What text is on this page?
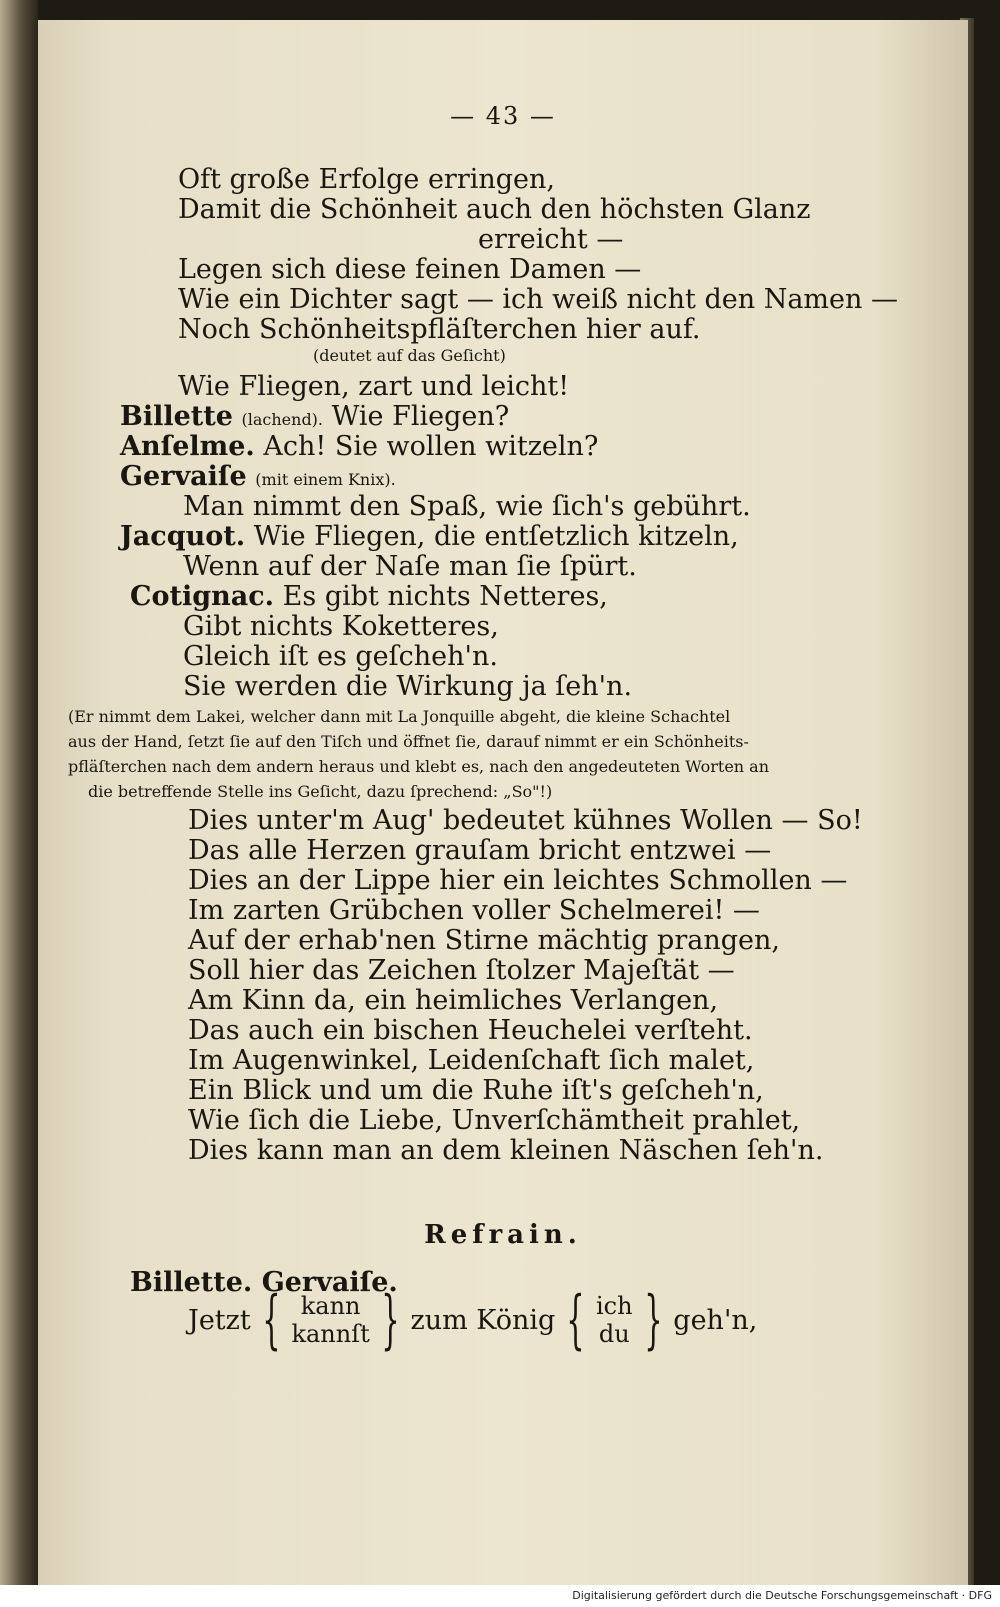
— 43 —
Oft große Erfolge erringen,
Damit die Schönheit auch den höchsten Glanz
erreicht —
Legen sich diese feinen Damen —
Wie ein Dichter sagt — ich weiß nicht den Namen —
Noch Schönheitspfläſterchen hier auf.
(deutet auf das Geſicht)
Wie Fliegen, zart und leicht!
Billette (lachend). Wie Fliegen?
Anſelme. Ach! Sie wollen witzeln?
Gervaiſe (mit einem Knix).
Man nimmt den Spaß, wie ſich's gebührt.
Jacquot. Wie Fliegen, die entſetzlich kitzeln,
Wenn auf der Naſe man ſie ſpürt.
Cotignac. Es gibt nichts Netteres,
Gibt nichts Koketteres,
Gleich iſt es geſcheh'n.
Sie werden die Wirkung ja ſeh'n.
(Er nimmt dem Lakei, welcher dann mit La Jonquille abgeht, die kleine Schachtel
aus der Hand, ſetzt ſie auf den Tiſch und öffnet ſie, darauf nimmt er ein Schönheits-
pfläſterchen nach dem andern heraus und klebt es, nach den angedeuteten Worten an
die betreffende Stelle ins Geſicht, dazu ſprechend: „So"!)
Dies unter'm Aug' bedeutet kühnes Wollen — So!
Das alle Herzen grauſam bricht entzwei —
Dies an der Lippe hier ein leichtes Schmollen —
Im zarten Grübchen voller Schelmerei! —
Auf der erhab'nen Stirne mächtig prangen,
Soll hier das Zeichen ſtolzer Majeſtät —
Am Kinn da, ein heimliches Verlangen,
Das auch ein bischen Heuchelei verſteht.
Im Augenwinkel, Leidenſchaft ſich malet,
Ein Blick und um die Ruhe iſt's geſcheh'n,
Wie ſich die Liebe, Unverſchämtheit prahlet,
Dies kann man an dem kleinen Näschen ſeh'n.
Refrain.
Billette. Gervaiſe.
Jetzt { kann
kannſt } zum König { ich
du } geh'n,
Digitalisierung gefördert durch die Deutsche Forschungsgemeinschaft · DFG
